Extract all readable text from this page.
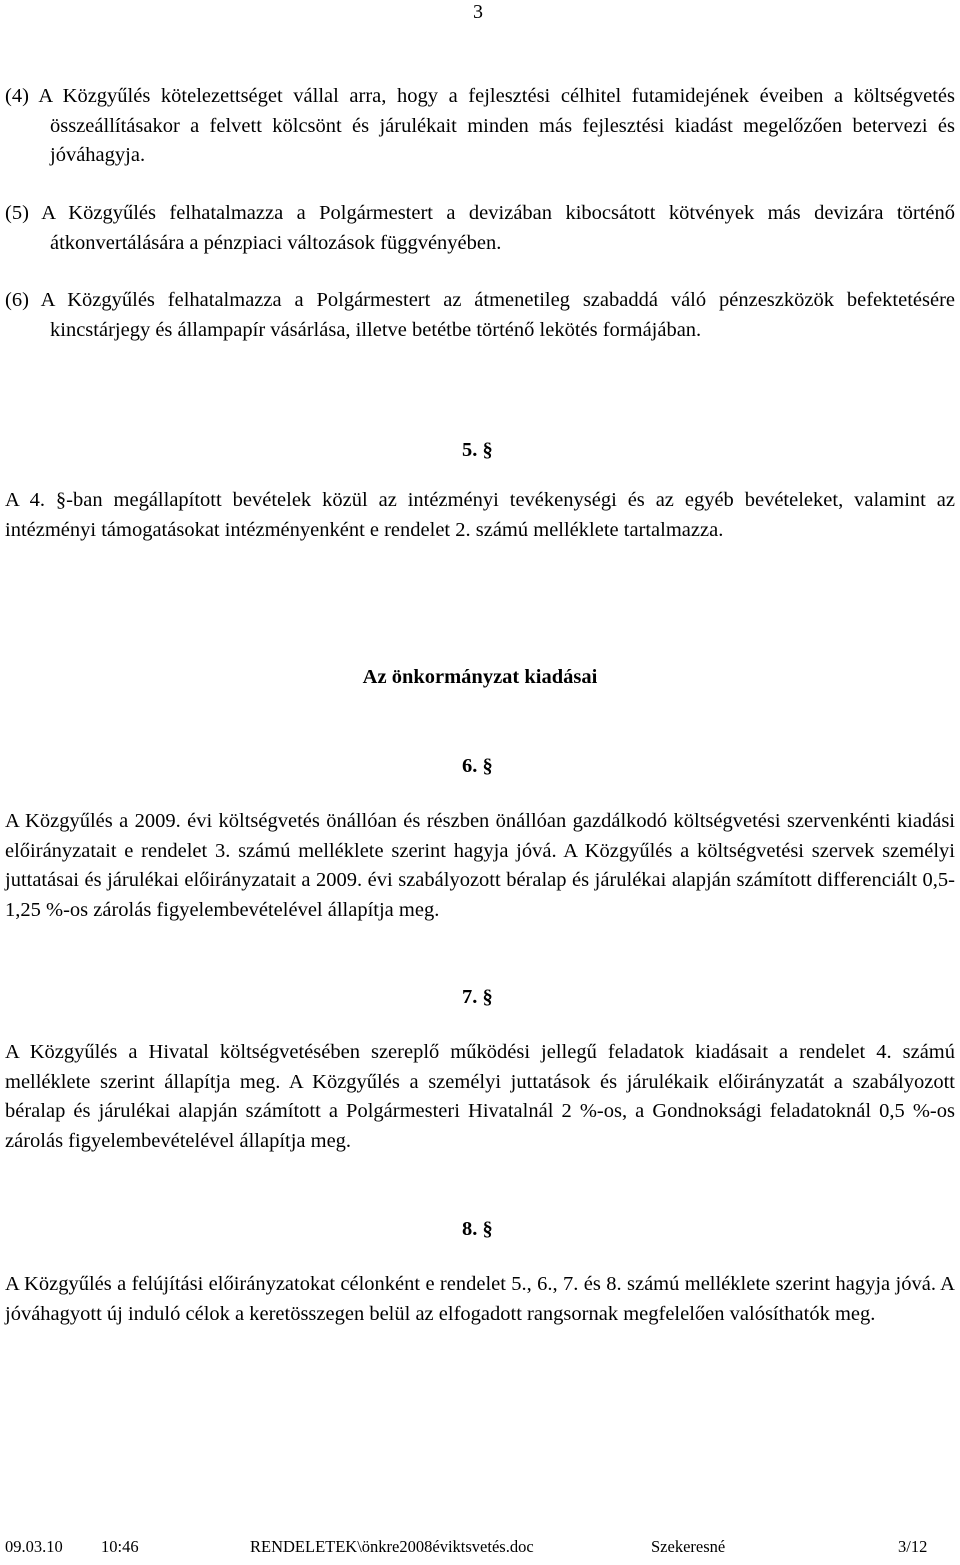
3

(4) A Közgyűlés kötelezettséget vállal arra, hogy a fejlesztési célhitel futamidejének éveiben a költségvetés összeállításakor a felvett kölcsönt és járulékait minden más fejlesztési kiadást megelőzően betervezi és jóváhagyja.

(5) A Közgyűlés felhatalmazza a Polgármestert a devizában kibocsátott kötvények más devizára történő átkonvertálására a pénzpiaci változások függvényében.

(6) A Közgyűlés felhatalmazza a Polgármestert az átmenetileg szabaddá váló pénzeszközök befektetésére kincstárjegy és állampapír vásárlása, illetve betétbe történő lekötés formájában.

5. §

A 4. §-ban megállapított bevételek közül az intézményi tevékenységi és az egyéb bevételeket, valamint az intézményi támogatásokat intézményenként e rendelet 2. számú melléklete tartalmazza.

Az önkormányzat kiadásai
6. §

A Közgyűlés a 2009. évi költségvetés önállóan és részben önállóan gazdálkodó költségvetési szervenkénti kiadási előirányzatait e rendelet 3. számú melléklete szerint hagyja jóvá. A Közgyűlés a költségvetési szervek személyi juttatásai és járulékai előirányzatait a 2009. évi szabályozott béralap és járulékai alapján számított differenciált 0,5-1,25 %-os zárolás figyelembevételével állapítja meg.

7. §

A Közgyűlés a Hivatal költségvetésében szereplő működési jellegű feladatok kiadásait a rendelet 4. számú melléklete szerint állapítja meg. A Közgyűlés a személyi juttatások és járulékaik előirányzatát a szabályozott béralap és járulékai alapján számított a Polgármesteri Hivatalnál 2 %-os, a Gondnoksági feladatoknál 0,5 %-os zárolás figyelembevételével állapítja meg.

8. §

A Közgyűlés a felújítási előirányzatokat célonként e rendelet 5., 6., 7. és 8. számú melléklete szerint hagyja jóvá. A jóváhagyott új induló célok a keretösszegen belül az elfogadott rangsornak megfelelően valósíthatók meg.

09.03.10 10:46	RENDELETEK\önkre2008éviktsvetés.doc	Szekeresné	3/12
